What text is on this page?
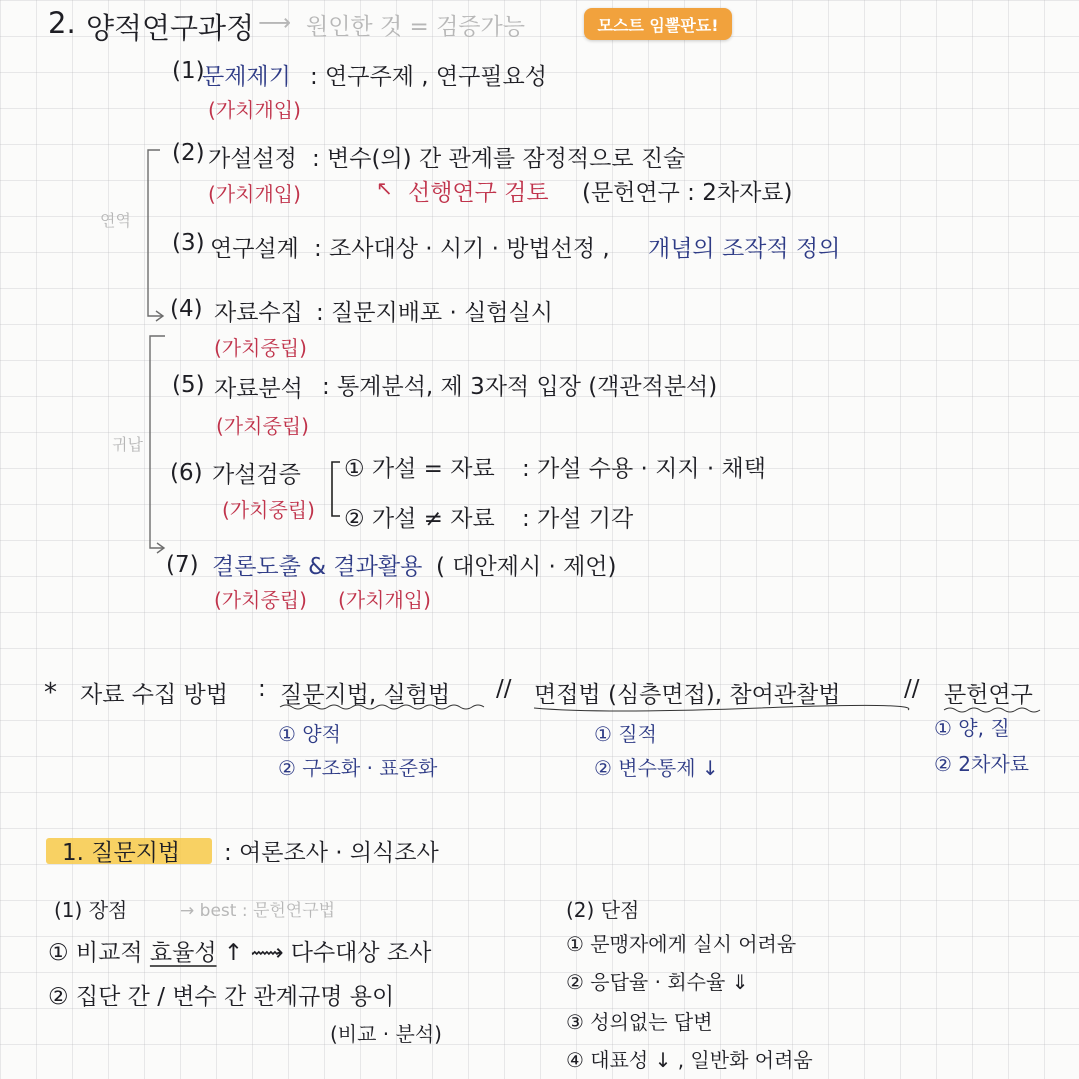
2. 양적연구과정 ⟶ 원인한 것 = 검증가능	모스트 임뽈판됴!
연역
귀납
(1)
문제제기 : 연구주제 , 연구필요성
(가치개입)
(2) 가설설정 : 변수(의) 간 관계를 잠정적으로 진술
(가치개입)	↖ 선행연구 검토 (문헌연구 : 2차자료)
(3) 연구설계 : 조사대상 · 시기 · 방법선정 , 개념의 조작적 정의
(4) 자료수집 : 질문지배포 · 실험실시
(가치중립)
(5) 자료분석 : 통계분석, 제 3자적 입장 (객관적분석)
(가치중립)
(6) 가설검증
(가치중립)
① 가설 = 자료 : 가설 수용 · 지지 · 채택
② 가설 ≠ 자료 : 가설 기각
(7) 결론도출 & 결과활용 ( 대안제시 · 제언)
(가치중립) (가치개입)
* 자료 수집 방법 : 질문지법, 실험법 // 면접법 (심층면접), 참여관찰법	// 문헌연구
① 양적
② 구조화 · 표준화
① 질적
② 변수통제 ↓
① 양, 질
② 2차자료
1. 질문지법 : 여론조사 · 의식조사
(1) 장점	→ best : 문헌연구법
① 비교적 효율성 ↑ ⟿ 다수대상 조사
② 집단 간 / 변수 간 관계규명 용이
(비교 · 분석)
(2) 단점
① 문맹자에게 실시 어려움
② 응답율 · 회수율 ⇓
③ 성의없는 답변
④ 대표성 ↓ , 일반화 어려움
